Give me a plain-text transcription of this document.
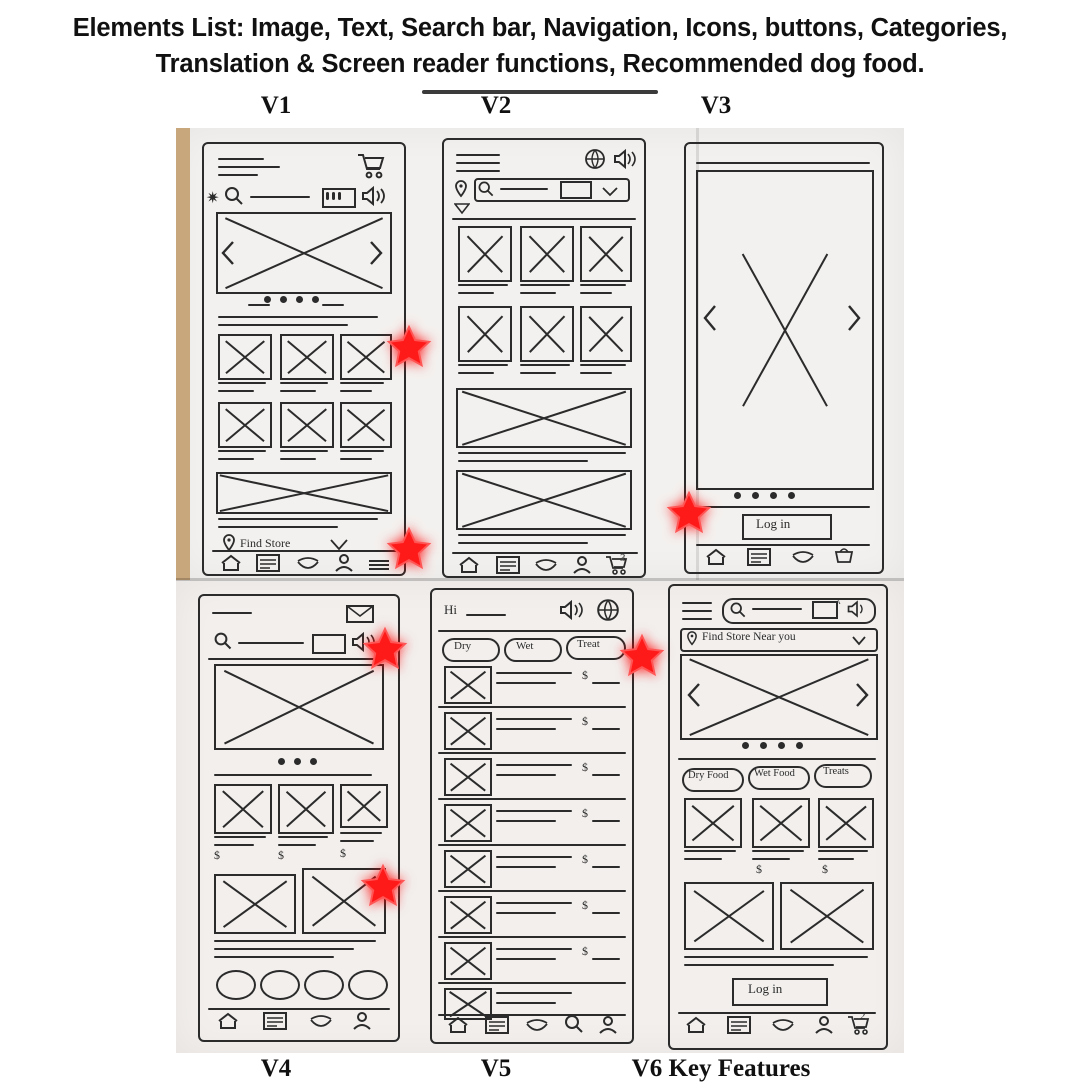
Elements List: Image, Text, Search bar, Navigation, Icons, buttons, Categories,
Translation & Screen reader functions, Recommended dog food.
V1	V2	V3
✷
Find Store
3
Log in
$	$	$
Hi
Dry	Wet	Treat
$
$
$
$
$
$
$
ᴬ
Find Store Near you
Dry Food Wet Food	Treats
$	$
Log in
2
V4	V5	V6 Key Features
